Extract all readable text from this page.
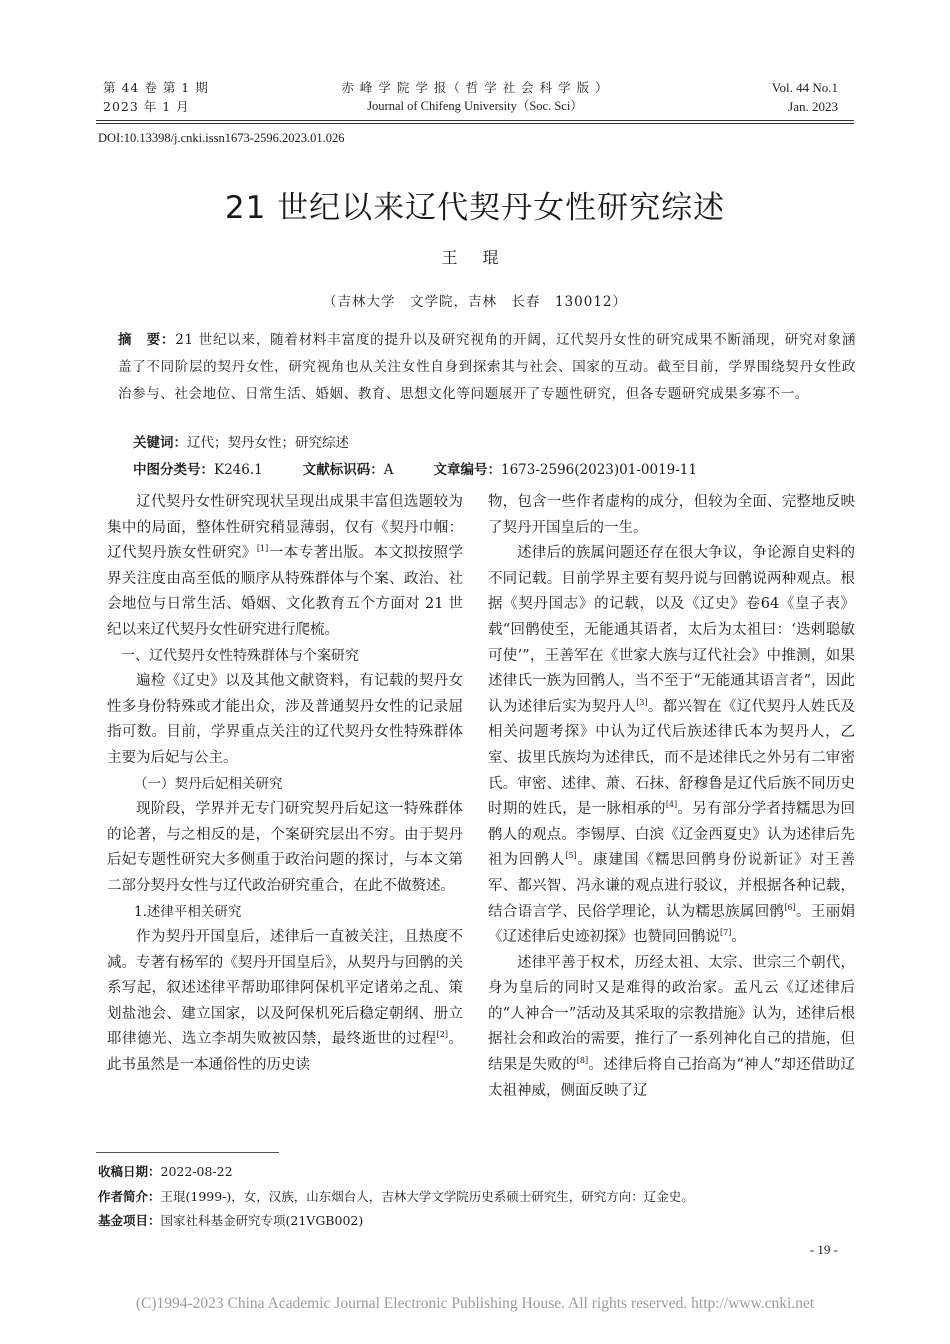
第 44 卷 第 1 期
2023 年 1 月
赤 峰 学 院 学 报（ 哲 学 社 会 科 学 版 ）
Journal of Chifeng University（Soc. Sci）
Vol. 44 No.1
Jan. 2023
DOI:10.13398/j.cnki.issn1673-2596.2023.01.026
21 世纪以来辽代契丹女性研究综述
王 琨
（吉林大学　文学院，吉林　长春　130012）
摘　要：21 世纪以来，随着材料丰富度的提升以及研究视角的开阔，辽代契丹女性的研究成果不断涌现，研究对象涵盖了不同阶层的契丹女性，研究视角也从关注女性自身到探索其与社会、国家的互动。截至目前，学界围绕契丹女性政治参与、社会地位、日常生活、婚姻、教育、思想文化等问题展开了专题性研究，但各专题研究成果多寡不一。
关键词：辽代；契丹女性；研究综述
中图分类号：K246.1	文献标识码：A	文章编号：1673-2596(2023)01-0019-11

辽代契丹女性研究现状呈现出成果丰富但选题较为集中的局面，整体性研究稍显薄弱，仅有《契丹巾帼：辽代契丹族女性研究》[1]一本专著出版。本文拟按照学界关注度由高至低的顺序从特殊群体与个案、政治、社会地位与日常生活、婚姻、文化教育五个方面对 21 世纪以来辽代契丹女性研究进行爬梳。

一、辽代契丹女性特殊群体与个案研究

遍检《辽史》以及其他文献资料，有记载的契丹女性多身份特殊或才能出众，涉及普通契丹女性的记录屈指可数。目前，学界重点关注的辽代契丹女性特殊群体主要为后妃与公主。

（一）契丹后妃相关研究

现阶段，学界并无专门研究契丹后妃这一特殊群体的论著，与之相反的是，个案研究层出不穷。由于契丹后妃专题性研究大多侧重于政治问题的探讨，与本文第二部分契丹女性与辽代政治研究重合，在此不做赘述。

1.述律平相关研究

作为契丹开国皇后，述律后一直被关注，且热度不减。专著有杨军的《契丹开国皇后》，从契丹与回鹘的关系写起，叙述述律平帮助耶律阿保机平定诸弟之乱、策划盐池会、建立国家，以及阿保机死后稳定朝纲、册立耶律德光、选立李胡失败被囚禁，最终逝世的过程[2]。此书虽然是一本通俗性的历史读

物，包含一些作者虚构的成分，但较为全面、完整地反映了契丹开国皇后的一生。

述律后的族属问题还存在很大争议，争论源自史料的不同记载。目前学界主要有契丹说与回鹘说两种观点。根据《契丹国志》的记载，以及《辽史》卷64《皇子表》载“回鹘使至，无能通其语者，太后为太祖曰：‘迭剌聪敏可使’”，王善军在《世家大族与辽代社会》中推测，如果述律氏一族为回鹘人，当不至于“无能通其语言者”，因此认为述律后实为契丹人[3]。都兴智在《辽代契丹人姓氏及相关问题考探》中认为辽代后族述律氏本为契丹人，乙室、拔里氏族均为述律氏，而不是述律氏之外另有二审密氏。审密、述律、萧、石抹、舒穆鲁是辽代后族不同历史时期的姓氏，是一脉相承的[4]。另有部分学者持糯思为回鹘人的观点。李锡厚、白滨《辽金西夏史》认为述律后先祖为回鹘人[5]。康建国《糯思回鹘身份说新证》对王善军、都兴智、冯永谦的观点进行驳议，并根据各种记载，结合语言学、民俗学理论，认为糯思族属回鹘[6]。王丽娟《辽述律后史迹初探》也赞同回鹘说[7]。

述律平善于权术，历经太祖、太宗、世宗三个朝代，身为皇后的同时又是难得的政治家。孟凡云《辽述律后的“人神合一”活动及其采取的宗教措施》认为，述律后根据社会和政治的需要，推行了一系列神化自己的措施，但结果是失败的[8]。述律后将自己抬高为“神人”却还借助辽太祖神威，侧面反映了辽

收稿日期：2022-08-22
作者简介：王琨(1999-)，女，汉族，山东烟台人，吉林大学文学院历史系硕士研究生，研究方向：辽金史。
基金项目：国家社科基金研究专项(21VGB002)
- 19 -
(C)1994-2023 China Academic Journal Electronic Publishing House. All rights reserved. http://www.cnki.net
